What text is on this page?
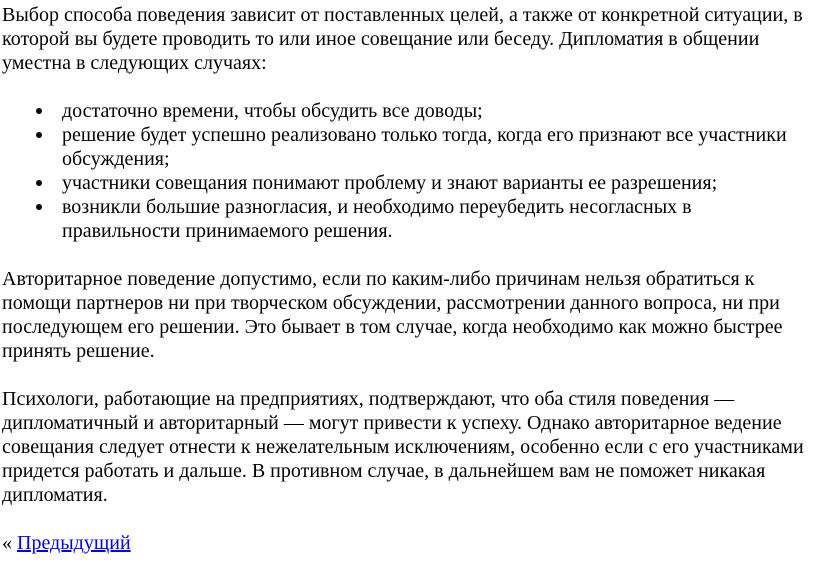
Выбор способа поведения зависит от поставленных целей, а также от конкретной ситуации, в которой вы будете проводить то или иное совещание или беседу. Дипломатия в общении уместна в следующих случаях:

достаточно времени, чтобы обсудить все доводы;
решение будет успешно реализовано только тогда, когда его признают все участники обсуждения;
участники совещания понимают проблему и знают варианты ее разрешения;
возникли большие разногласия, и необходимо переубедить несогласных в правильности принимаемого решения.

Авторитарное поведение допустимо, если по каким-либо причинам нельзя обратиться к помощи партнеров ни при творческом обсуждении, рассмотрении данного вопроса, ни при последующем его решении. Это бывает в том случае, когда необходимо как можно быстрее принять решение.

Психологи, работающие на предприятиях, подтверждают, что оба стиля поведения — дипломатичный и авторитарный — могут привести к успеху. Однако авторитарное ведение совещания следует отнести к нежелательным исключениям, особенно если с его участниками придется работать и дальше. В противном случае, в дальнейшем вам не поможет никакая дипломатия.

« Предыдущий
